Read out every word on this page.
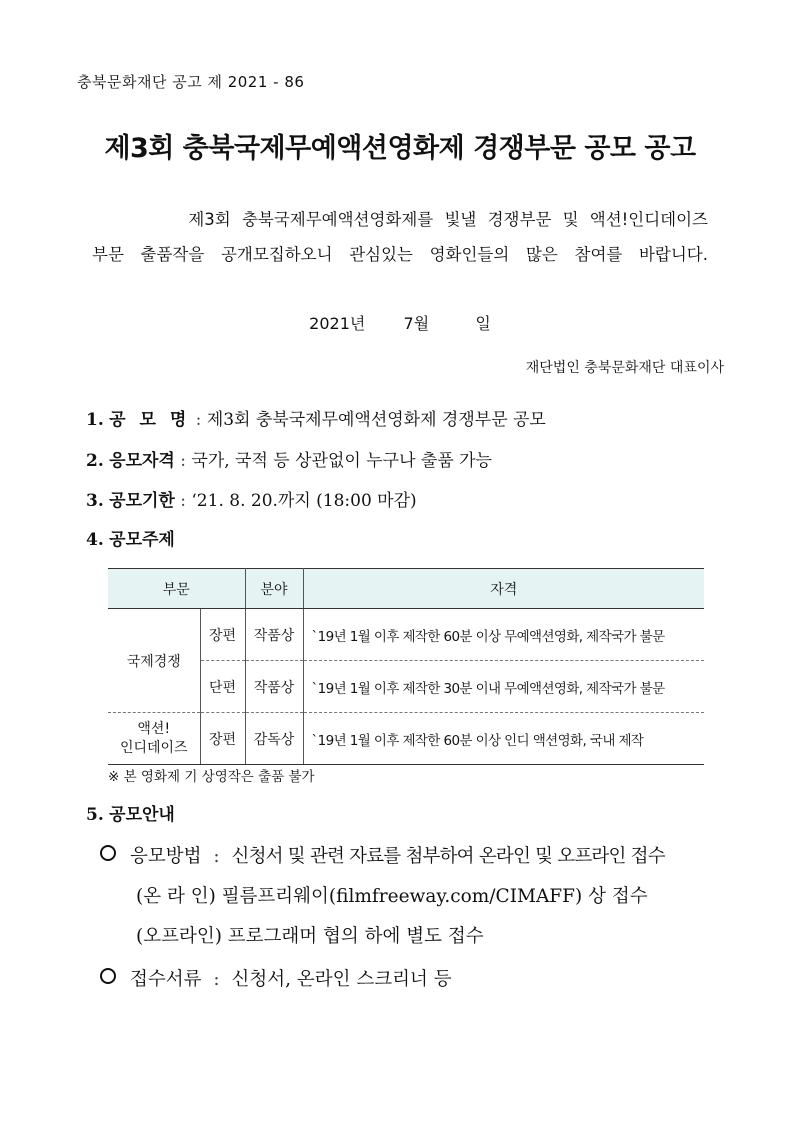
충북문화재단 공고 제 2021 - 86
제3회 충북국제무예액션영화제 경쟁부문 공모 공고
제3회 충북국제무예액션영화제를 빛낼 경쟁부문 및 액션!인디데이즈
부문 출품작을 공개모집하오니 관심있는 영화인들의 많은 참여를 바랍니다.
2021년 7월	일
재단법인 충북문화재단 대표이사
1. 공 모 명 : 제3회 충북국제무예액션영화제 경쟁부문 공모
2. 응모자격 : 국가, 국적 등 상관없이 누구나 출품 가능
3. 공모기한 : ‘21. 8. 20.까지 (18:00 마감)
4. 공모주제
부문		분야	자격
국제경쟁	장편	작품상	`19년 1월 이후 제작한 60분 이상 무예액션영화, 제작국가 불문
	단편	작품상	`19년 1월 이후 제작한 30분 이내 무예액션영화, 제작국가 불문
액션!
인디데이즈	장편	감독상	`19년 1월 이후 제작한 60분 이상 인디 액션영화, 국내 제작
※ 본 영화제 기 상영작은 출품 불가
5. 공모안내
응모방법 : 신청서 및 관련 자료를 첨부하여 온라인 및 오프라인 접수
(온 라 인) 필름프리웨이(filmfreeway.com/CIMAFF) 상 접수
(오프라인) 프로그래머 협의 하에 별도 접수
접수서류 : 신청서, 온라인 스크리너 등
